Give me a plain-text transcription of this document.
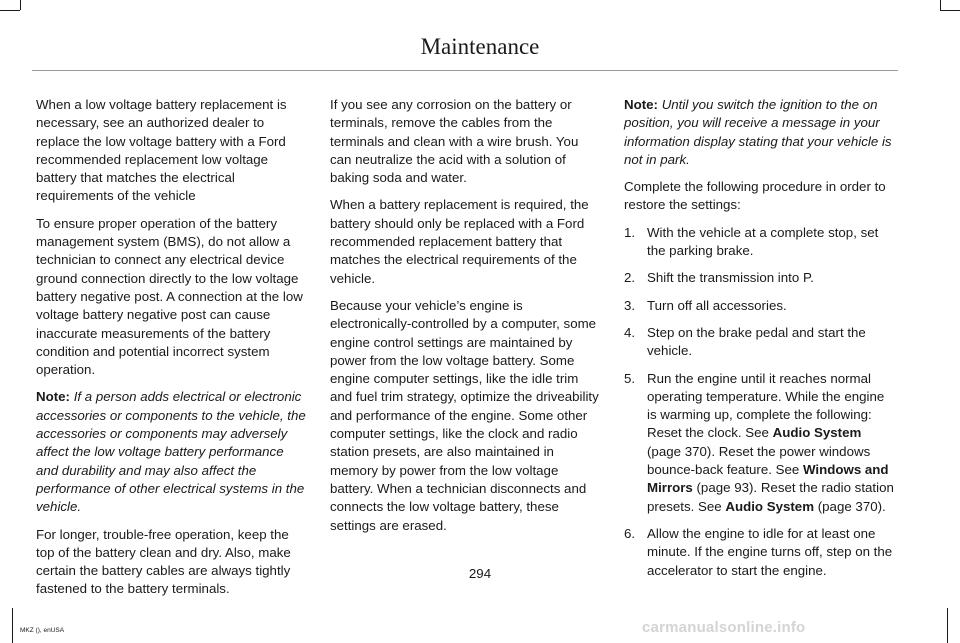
Maintenance

When a low voltage battery replacement is necessary, see an authorized dealer to replace the low voltage battery with a Ford recommended replacement low voltage battery that matches the electrical requirements of the vehicle

To ensure proper operation of the battery management system (BMS), do not allow a technician to connect any electrical device ground connection directly to the low voltage battery negative post. A connection at the low voltage battery negative post can cause inaccurate measurements of the battery condition and potential incorrect system operation.

Note: If a person adds electrical or electronic accessories or components to the vehicle, the accessories or components may adversely affect the low voltage battery performance and durability and may also affect the performance of other electrical systems in the vehicle.

For longer, trouble-free operation, keep the top of the battery clean and dry. Also, make certain the battery cables are always tightly fastened to the battery terminals.

If you see any corrosion on the battery or terminals, remove the cables from the terminals and clean with a wire brush. You can neutralize the acid with a solution of baking soda and water.

When a battery replacement is required, the battery should only be replaced with a Ford recommended replacement battery that matches the electrical requirements of the vehicle.

Because your vehicle’s engine is electronically-controlled by a computer, some engine control settings are maintained by power from the low voltage battery. Some engine computer settings, like the idle trim and fuel trim strategy, optimize the driveability and performance of the engine. Some other computer settings, like the clock and radio station presets, are also maintained in memory by power from the low voltage battery. When a technician disconnects and connects the low voltage battery, these settings are erased.

Note: Until you switch the ignition to the on position, you will receive a message in your information display stating that your vehicle is not in park.

Complete the following procedure in order to restore the settings:

1. With the vehicle at a complete stop, set the parking brake.
2. Shift the transmission into P.
3. Turn off all accessories.
4. Step on the brake pedal and start the vehicle.
5. Run the engine until it reaches normal operating temperature. While the engine is warming up, complete the following: Reset the clock. See Audio System (page 370). Reset the power windows bounce-back feature. See Windows and Mirrors (page 93). Reset the radio station presets. See Audio System (page 370).
6. Allow the engine to idle for at least one minute. If the engine turns off, step on the accelerator to start the engine.
294
MKZ (), enUSA	carmanualsonline.info
